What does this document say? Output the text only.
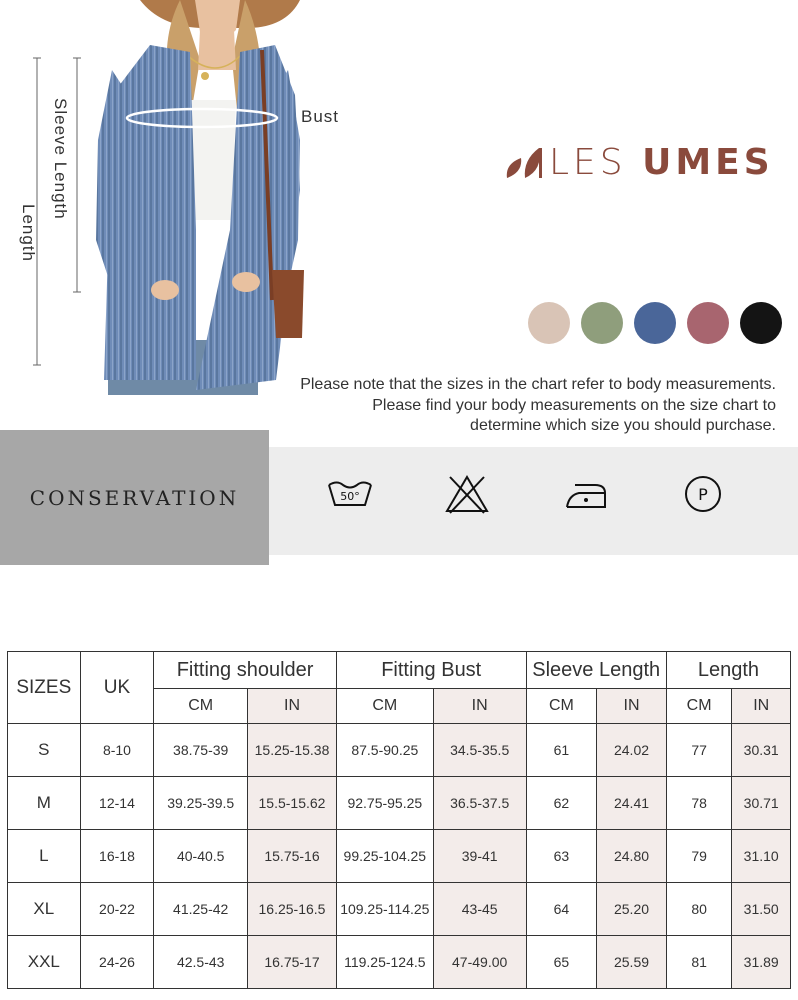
Bust
Sleeve Length
Length
LES UMES
Please note that the sizes in the chart refer to body measurements.
Please find your body measurements on the size chart to
determine which size you should purchase.
CONSERVATION	50°	P
SIZES	UK	Fitting shoulder		Fitting Bust		Sleeve Length		Length	
		CM	IN	CM	IN	CM	IN	CM	IN
S	8-10	38.75-39	15.25-15.38	87.5-90.25	34.5-35.5	61	24.02	77	30.31
M	12-14	39.25-39.5	15.5-15.62	92.75-95.25	36.5-37.5	62	24.41	78	30.71
L	16-18	40-40.5	15.75-16	99.25-104.25	39-41	63	24.80	79	31.10
XL	20-22	41.25-42	16.25-16.5	109.25-114.25	43-45	64	25.20	80	31.50
XXL	24-26	42.5-43	16.75-17	119.25-124.5	47-49.00	65	25.59	81	31.89
